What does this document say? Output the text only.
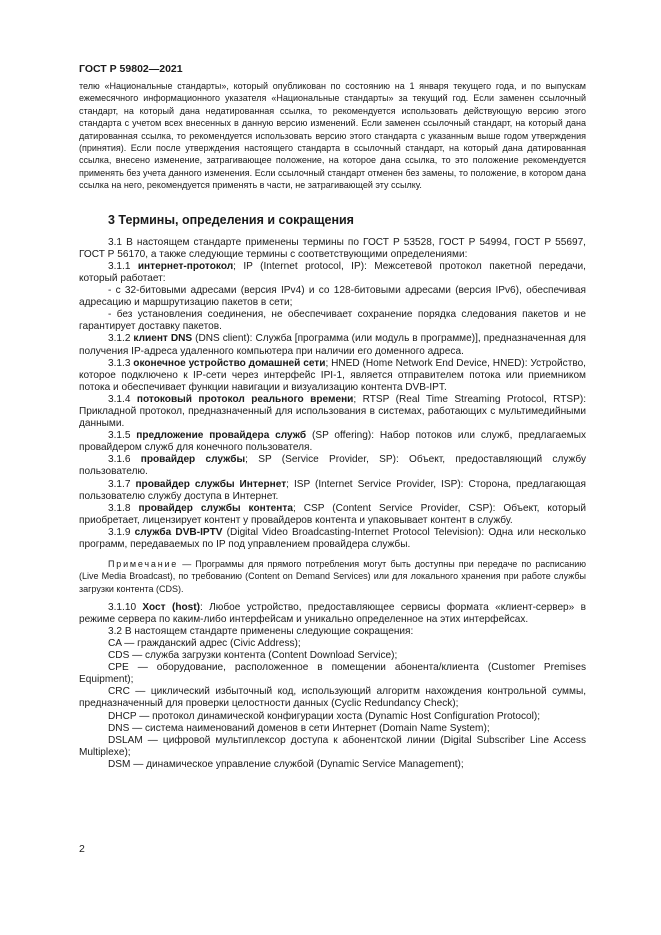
ГОСТ Р 59802—2021

телю «Национальные стандарты», который опубликован по состоянию на 1 января текущего года, и по выпускам ежемесячного информационного указателя «Национальные стандарты» за текущий год. Если заменен ссылочный стандарт, на который дана недатированная ссылка, то рекомендуется использовать действующую версию этого стандарта с учетом всех внесенных в данную версию изменений. Если заменен ссылочный стандарт, на который дана датированная ссылка, то рекомендуется использовать версию этого стандарта с указанным выше годом утверждения (принятия). Если после утверждения настоящего стандарта в ссылочный стандарт, на который дана датированная ссылка, внесено изменение, затрагивающее положение, на которое дана ссылка, то это положение рекомендуется применять без учета данного изменения. Если ссылочный стандарт отменен без замены, то положение, в котором дана ссылка на него, рекомендуется применять в части, не затрагивающей эту ссылку.

3 Термины, определения и сокращения

3.1 В настоящем стандарте применены термины по ГОСТ Р 53528, ГОСТ Р 54994, ГОСТ Р 55697, ГОСТ Р 56170, а также следующие термины с соответствующими определениями:

3.1.1 интернет-протокол; IP (Internet protocol, IP): Межсетевой протокол пакетной передачи, который работает:

- с 32-битовыми адресами (версия IPv4) и со 128-битовыми адресами (версия IPv6), обеспечивая адресацию и маршрутизацию пакетов в сети;

- без установления соединения, не обеспечивает сохранение порядка следования пакетов и не гарантирует доставку пакетов.

3.1.2 клиент DNS (DNS client): Служба [программа (или модуль в программе)], предназначенная для получения IP-адреса удаленного компьютера при наличии его доменного адреса.

3.1.3 оконечное устройство домашней сети; HNED (Home Network End Device, HNED): Устройство, которое подключено к IP-сети через интерфейс IPI-1, является отправителем потока или приемником потока и обеспечивает функции навигации и визуализацию контента DVB-IPT.

3.1.4 потоковый протокол реального времени; RTSP (Real Time Streaming Protocol, RTSP): Прикладной протокол, предназначенный для использования в системах, работающих с мультимедийными данными.

3.1.5 предложение провайдера служб (SP offering): Набор потоков или служб, предлагаемых провайдером служб для конечного пользователя.

3.1.6 провайдер службы; SP (Service Provider, SP): Объект, предоставляющий службу пользователю.

3.1.7 провайдер службы Интернет; ISP (Internet Service Provider, ISP): Сторона, предлагающая пользователю службу доступа в Интернет.

3.1.8 провайдер службы контента; CSP (Content Service Provider, CSP): Объект, который приобретает, лицензирует контент у провайдеров контента и упаковывает контент в службу.

3.1.9 служба DVB-IPTV (Digital Video Broadcasting-Internet Protocol Television): Одна или несколько программ, передаваемых по IP под управлением провайдера службы.

Примечание — Программы для прямого потребления могут быть доступны при передаче по расписанию (Live Media Broadcast), по требованию (Content on Demand Services) или для локального хранения при работе службы загрузки контента (CDS).

3.1.10 Хост (host): Любое устройство, предоставляющее сервисы формата «клиент-сервер» в режиме сервера по каким-либо интерфейсам и уникально определенное на этих интерфейсах.

3.2 В настоящем стандарте применены следующие сокращения:

CA — гражданский адрес (Civic Address);

CDS — служба загрузки контента (Content Download Service);

CPE — оборудование, расположенное в помещении абонента/клиента (Customer Premises Equipment);

CRC — циклический избыточный код, использующий алгоритм нахождения контрольной суммы, предназначенный для проверки целостности данных (Cyclic Redundancy Check);

DHCP — протокол динамической конфигурации хоста (Dynamic Host Configuration Protocol);

DNS — система наименований доменов в сети Интернет (Domain Name System);

DSLAM — цифровой мультиплексор доступа к абонентской линии (Digital Subscriber Line Access Multiplexe);

DSM — динамическое управление службой (Dynamic Service Management);

2
